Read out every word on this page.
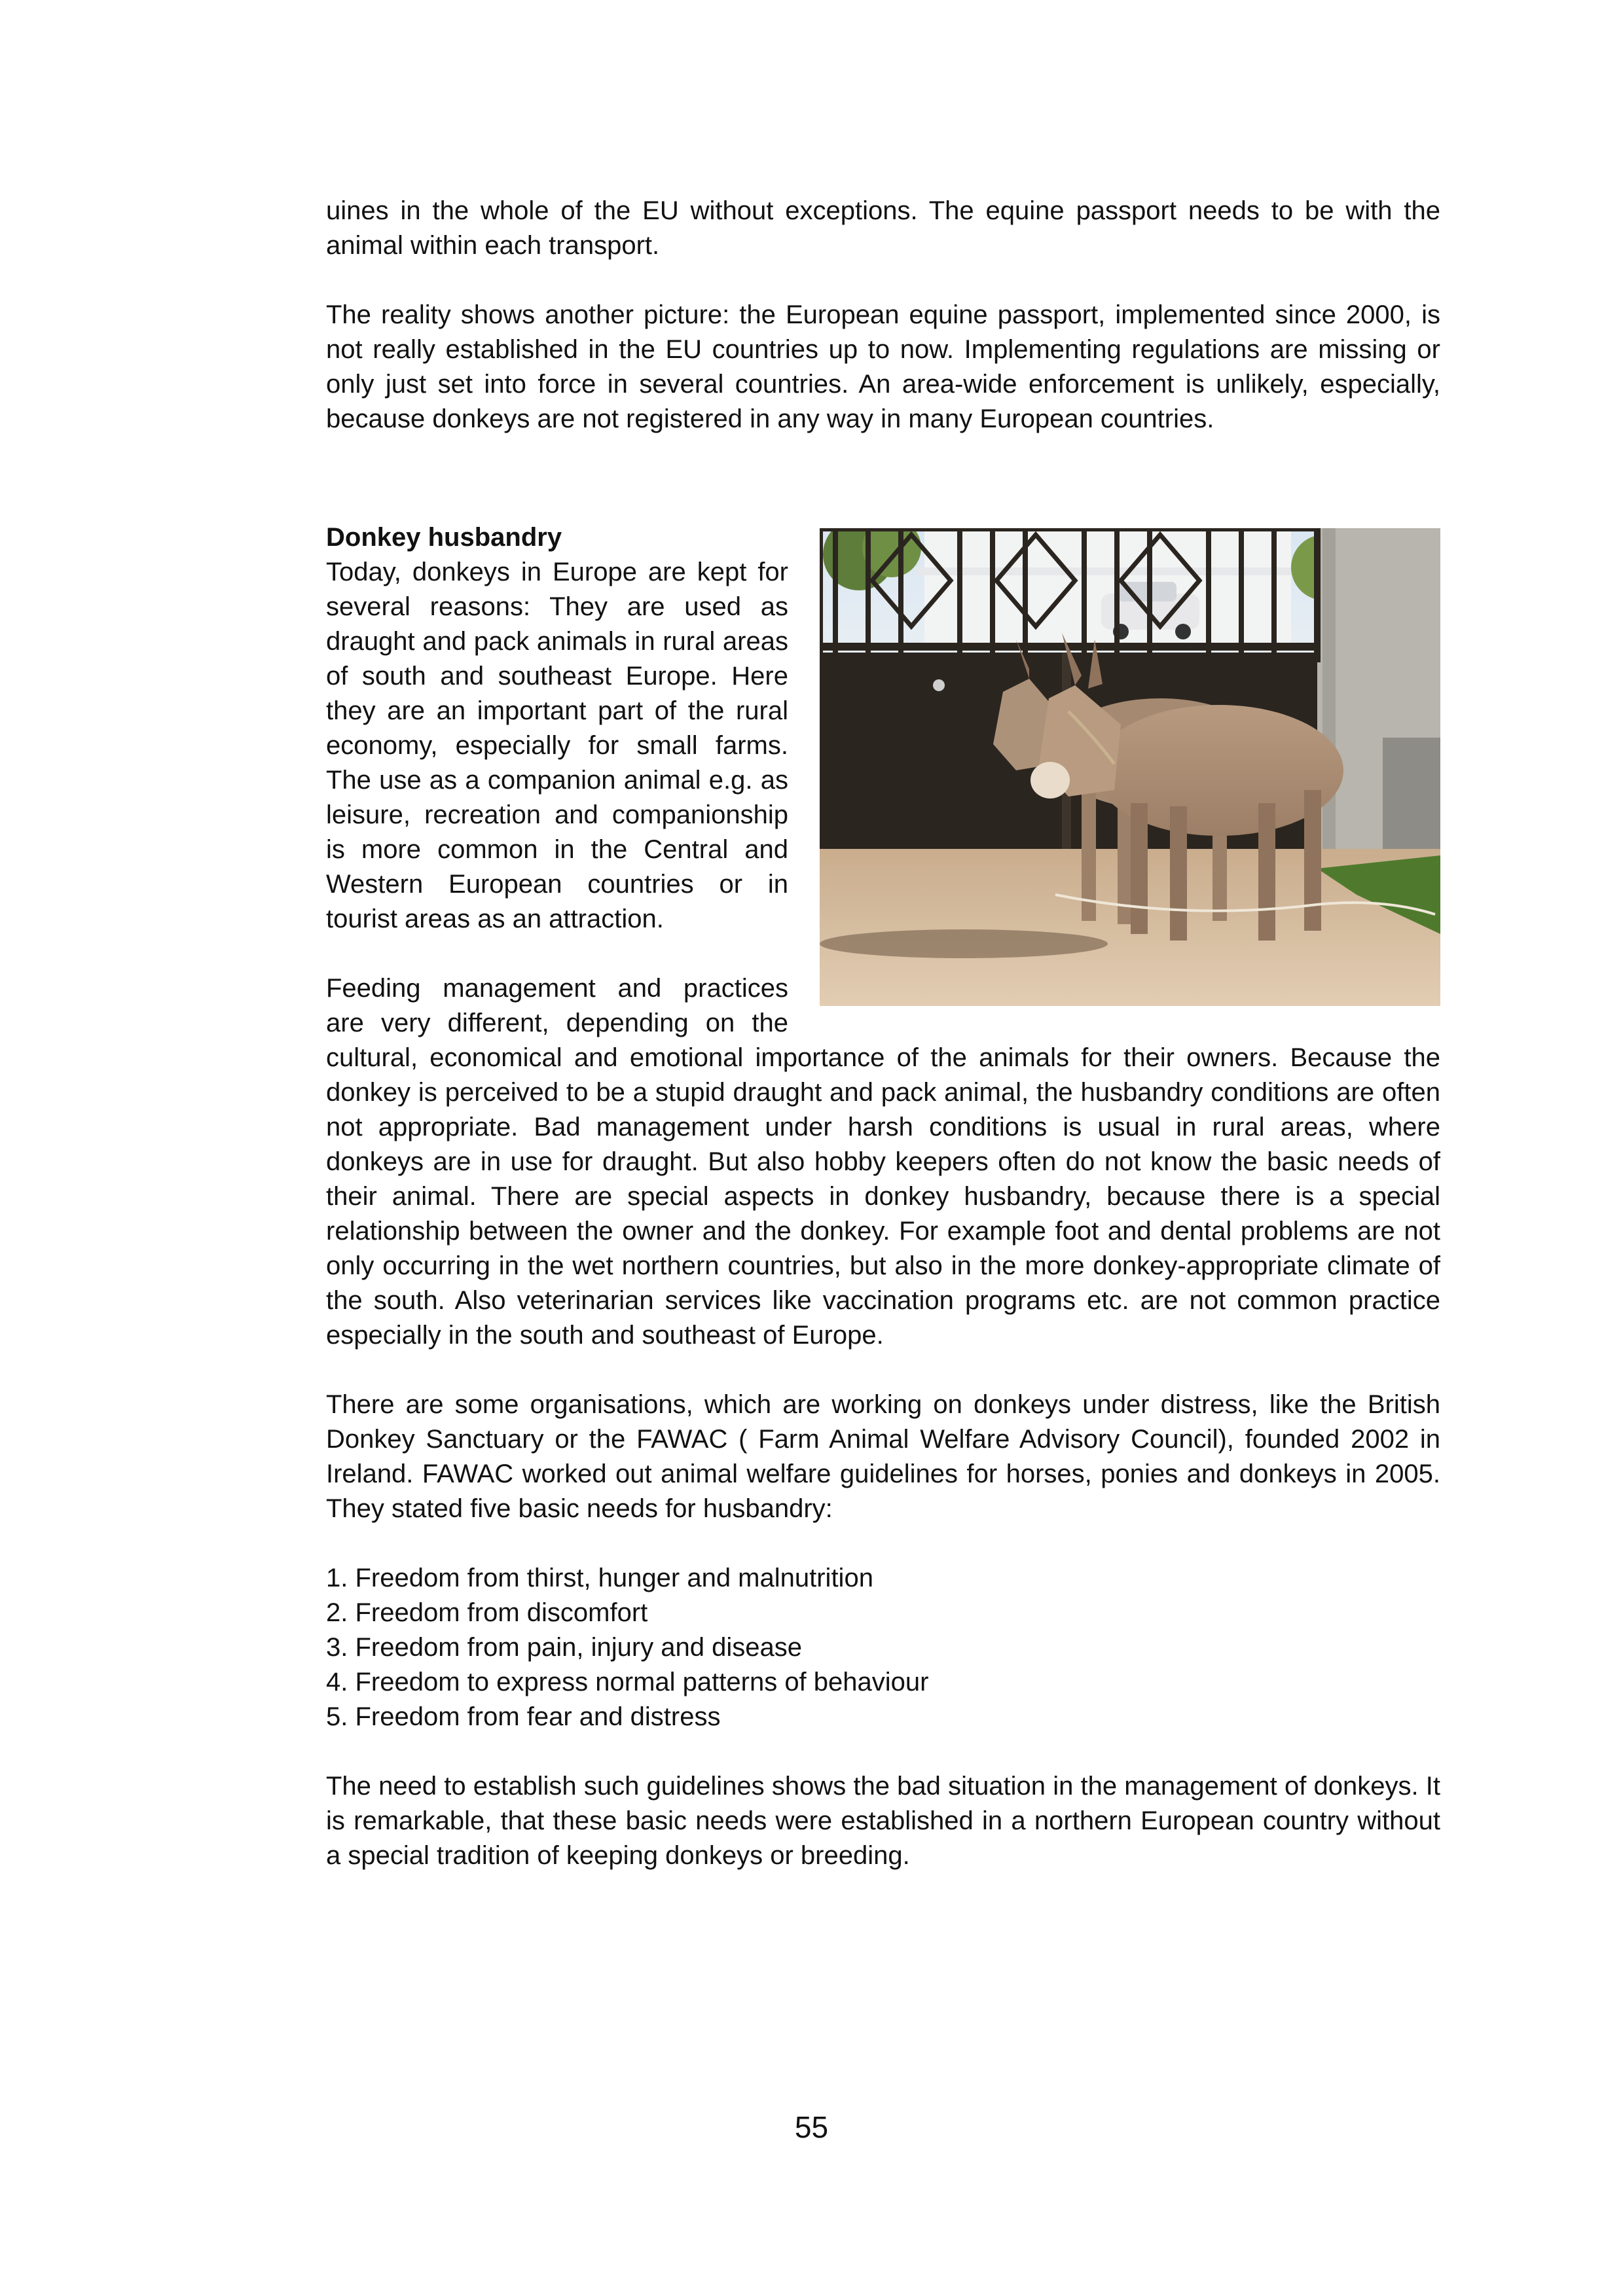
uines in the whole of the EU without exceptions. The equine passport needs to be with the animal within each transport.

The reality shows another picture: the European equine passport, implemented since 2000, is not really established in the EU countries up to now. Implementing regulations are missing or only just set into force in several countries. An area-wide enforcement is unlikely, especially, because donkeys are not registered in any way in many European countries.

Donkey husbandry

Today, donkeys in Europe are kept for several reasons: They are used as draught and pack animals in rural areas of south and southeast Europe. Here they are an important part of the rural economy, especially for small farms. The use as a companion animal e.g. as leisure, recreation and companionship is more common in the Central and Western European countries or in tourist areas as an attraction.

Feeding management and practices are very different, depending on the cultural, economical and emotional importance of the animals for their owners. Because the donkey is perceived to be a stupid draught and pack animal, the husbandry conditions are often not appropriate. Bad management under harsh conditions is usual in rural areas, where donkeys are in use for draught. But also hobby keepers often do not know the basic needs of their animal. There are special aspects in donkey husbandry, because there is a special relationship between the owner and the donkey. For example foot and dental problems are not only occurring in the wet northern countries, but also in the more donkey-appropriate climate of the south. Also veterinarian services like vaccination programs etc. are not common practice especially in the south and southeast of Europe.

There are some organisations, which are working on donkeys under distress, like the British Donkey Sanctuary or the FAWAC ( Farm Animal Welfare Advisory Council), founded 2002 in Ireland. FAWAC worked out animal welfare guidelines for horses, ponies and donkeys in 2005. They stated five basic needs for husbandry:

1. Freedom from thirst, hunger and malnutrition
2. Freedom from discomfort
3. Freedom from pain, injury and disease
4. Freedom to express normal patterns of behaviour
5. Freedom from fear and distress

The need to establish such guidelines shows the bad situation in the management of donkeys. It is remarkable, that these basic needs were established in a northern European country without a special tradition of keeping donkeys or breeding.

55
